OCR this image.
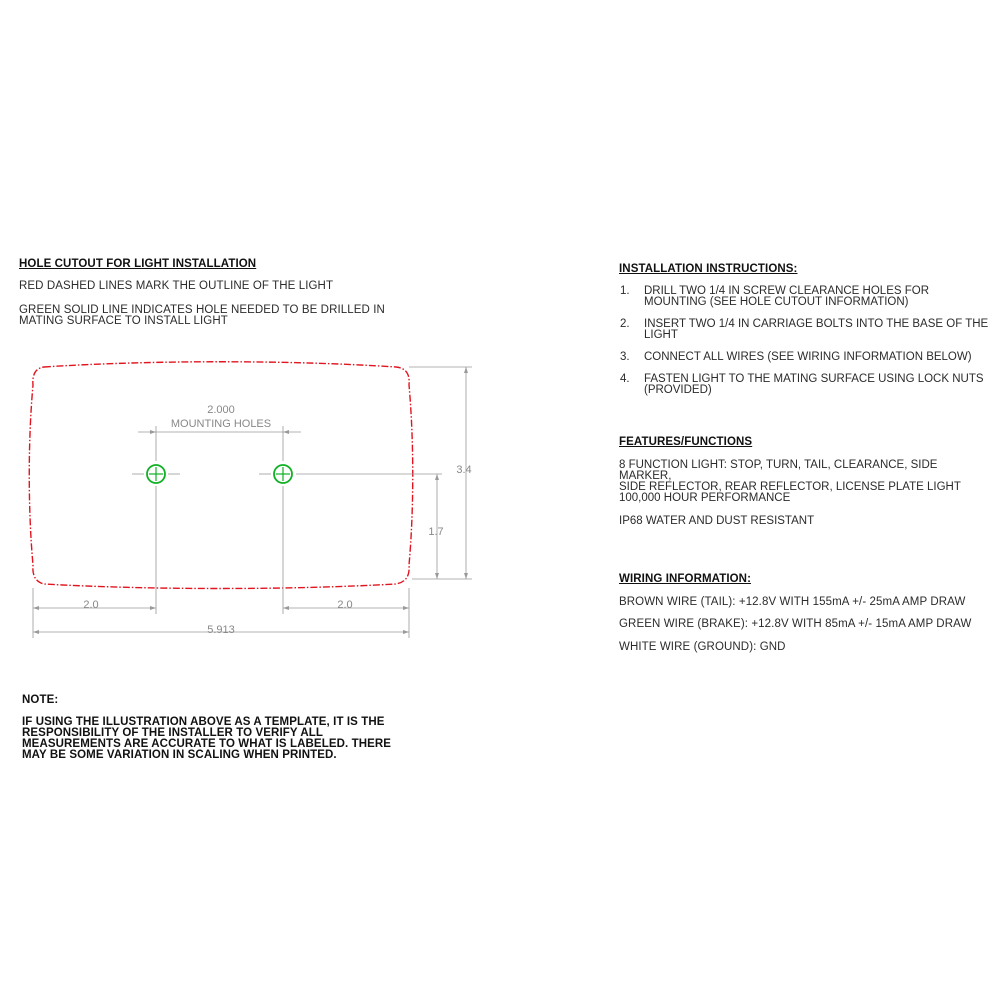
HOLE CUTOUT FOR LIGHT INSTALLATION
RED DASHED LINES MARK THE OUTLINE OF THE LIGHT
GREEN SOLID LINE INDICATES HOLE NEEDED TO BE DRILLED IN
MATING SURFACE TO INSTALL LIGHT
2.000
MOUNTING HOLES
3.4
1.7
2.0	2.0
5.913
NOTE:
IF USING THE ILLUSTRATION ABOVE AS A TEMPLATE, IT IS THE
RESPONSIBILITY OF THE INSTALLER TO VERIFY ALL
MEASUREMENTS ARE ACCURATE TO WHAT IS LABELED. THERE
MAY BE SOME VARIATION IN SCALING WHEN PRINTED.
INSTALLATION INSTRUCTIONS:
1. DRILL TWO 1/4 IN SCREW CLEARANCE HOLES FOR
MOUNTING (SEE HOLE CUTOUT INFORMATION)
2. INSERT TWO 1/4 IN CARRIAGE BOLTS INTO THE BASE OF THE
LIGHT
3. CONNECT ALL WIRES (SEE WIRING INFORMATION BELOW)
4. FASTEN LIGHT TO THE MATING SURFACE USING LOCK NUTS
(PROVIDED)
FEATURES/FUNCTIONS
8 FUNCTION LIGHT: STOP, TURN, TAIL, CLEARANCE, SIDE MARKER,
SIDE REFLECTOR, REAR REFLECTOR, LICENSE PLATE LIGHT
100,000 HOUR PERFORMANCE
IP68 WATER AND DUST RESISTANT
WIRING INFORMATION:
BROWN WIRE (TAIL): +12.8V WITH 155mA +/- 25mA AMP DRAW
GREEN WIRE (BRAKE): +12.8V WITH 85mA +/- 15mA AMP DRAW
WHITE WIRE (GROUND): GND
